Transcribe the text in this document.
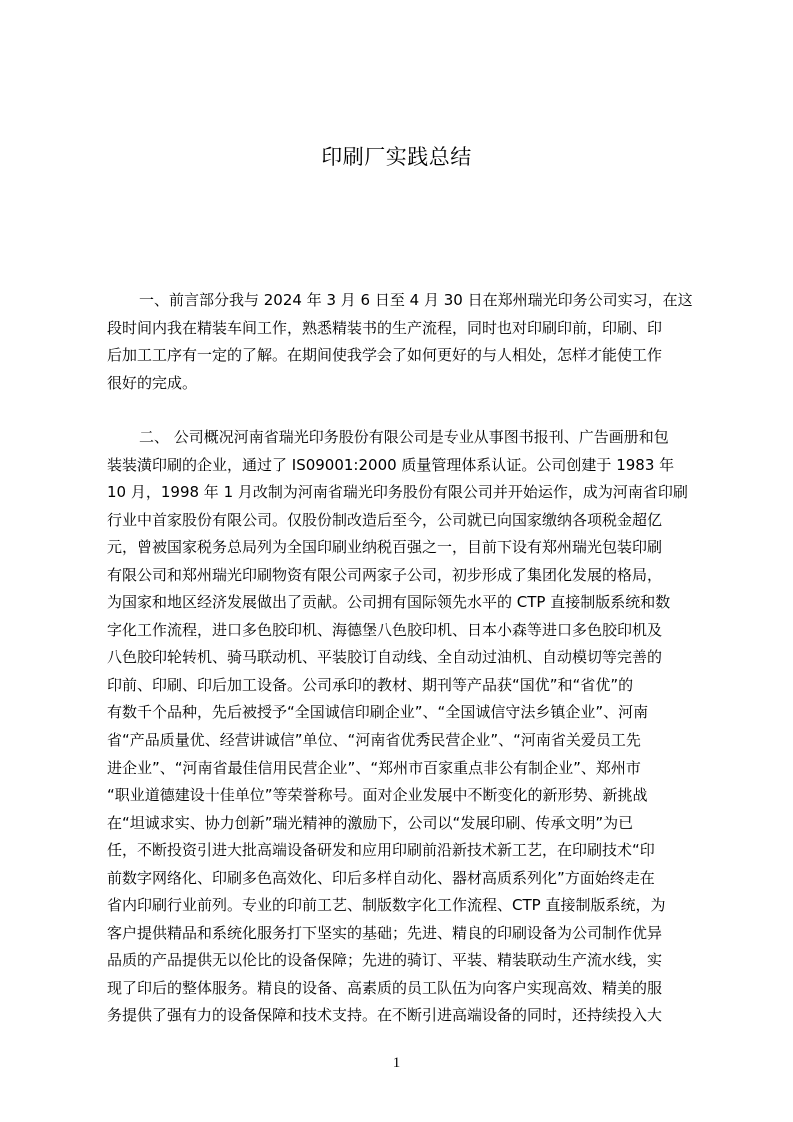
印刷厂实践总结
一、前言部分我与 2024 年 3 月 6 日至 4 月 30 日在郑州瑞光印务公司实习，在这
段时间内我在精装车间工作，熟悉精装书的生产流程，同时也对印刷印前，印刷、印
后加工工序有一定的了解。在期间使我学会了如何更好的与人相处，怎样才能使工作
很好的完成。
二、 公司概况河南省瑞光印务股份有限公司是专业从事图书报刊、广告画册和包
装装潢印刷的企业，通过了 IS09001:2000 质量管理体系认证。公司创建于 1983 年
10 月，1998 年 1 月改制为河南省瑞光印务股份有限公司并开始运作，成为河南省印刷
行业中首家股份有限公司。仅股份制改造后至今，公司就已向国家缴纳各项税金超亿
元，曾被国家税务总局列为全国印刷业纳税百强之一，目前下设有郑州瑞光包装印刷
有限公司和郑州瑞光印刷物资有限公司两家子公司，初步形成了集团化发展的格局，
为国家和地区经济发展做出了贡献。公司拥有国际领先水平的 CTP 直接制版系统和数
字化工作流程，进口多色胶印机、海德堡八色胶印机、日本小森等进口多色胶印机及
八色胶印轮转机、骑马联动机、平装胶订自动线、全自动过油机、自动模切等完善的
印前、印刷、印后加工设备。公司承印的教材、期刊等产品获“国优”和“省优”的
有数千个品种，先后被授予“全国诚信印刷企业”、“全国诚信守法乡镇企业”、河南
省“产品质量优、经营讲诚信”单位、“河南省优秀民营企业”、“河南省关爱员工先
进企业”、“河南省最佳信用民营企业”、“郑州市百家重点非公有制企业”、郑州市
“职业道德建设十佳单位”等荣誉称号。面对企业发展中不断变化的新形势、新挑战
在“坦诚求实、协力创新”瑞光精神的激励下，公司以“发展印刷、传承文明”为已
任，不断投资引进大批高端设备研发和应用印刷前沿新技术新工艺，在印刷技术“印
前数字网络化、印刷多色高效化、印后多样自动化、器材高质系列化”方面始终走在
省内印刷行业前列。专业的印前工艺、制版数字化工作流程、CTP 直接制版系统，为
客户提供精品和系统化服务打下坚实的基础；先进、精良的印刷设备为公司制作优异
品质的产品提供无以伦比的设备保障；先进的骑订、平装、精装联动生产流水线，实
现了印后的整体服务。精良的设备、高素质的员工队伍为向客户实现高效、精美的服
务提供了强有力的设备保障和技术支持。在不断引进高端设备的同时，还持续投入大
1
